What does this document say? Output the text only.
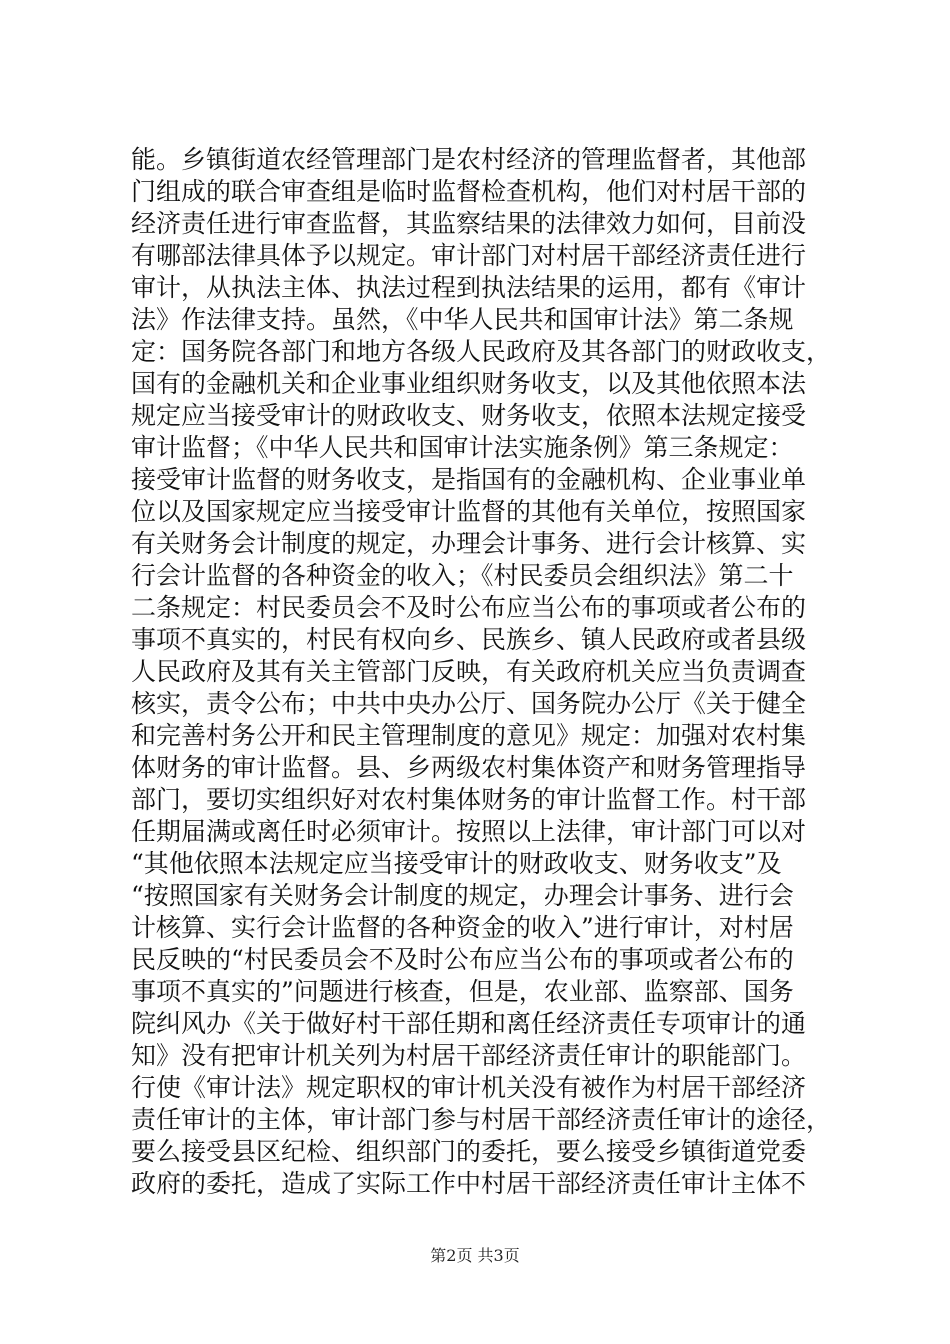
能。乡镇街道农经管理部门是农村经济的管理监督者，其他部
门组成的联合审查组是临时监督检查机构，他们对村居干部的
经济责任进行审查监督，其监察结果的法律效力如何，目前没
有哪部法律具体予以规定。审计部门对村居干部经济责任进行
审计，从执法主体、执法过程到执法结果的运用，都有《审计
法》作法律支持。虽然，《中华人民共和国审计法》第二条规
定：国务院各部门和地方各级人民政府及其各部门的财政收支，
国有的金融机关和企业事业组织财务收支，以及其他依照本法
规定应当接受审计的财政收支、财务收支，依照本法规定接受
审计监督；《中华人民共和国审计法实施条例》第三条规定：
接受审计监督的财务收支，是指国有的金融机构、企业事业单
位以及国家规定应当接受审计监督的其他有关单位，按照国家
有关财务会计制度的规定，办理会计事务、进行会计核算、实
行会计监督的各种资金的收入；《村民委员会组织法》第二十
二条规定：村民委员会不及时公布应当公布的事项或者公布的
事项不真实的，村民有权向乡、民族乡、镇人民政府或者县级
人民政府及其有关主管部门反映，有关政府机关应当负责调查
核实，责令公布；中共中央办公厅、国务院办公厅《关于健全
和完善村务公开和民主管理制度的意见》规定：加强对农村集
体财务的审计监督。县、乡两级农村集体资产和财务管理指导
部门，要切实组织好对农村集体财务的审计监督工作。村干部
任期届满或离任时必须审计。按照以上法律，审计部门可以对
“其他依照本法规定应当接受审计的财政收支、财务收支”及
“按照国家有关财务会计制度的规定，办理会计事务、进行会
计核算、实行会计监督的各种资金的收入”进行审计，对村居
民反映的“村民委员会不及时公布应当公布的事项或者公布的
事项不真实的”问题进行核查，但是，农业部、监察部、国务
院纠风办《关于做好村干部任期和离任经济责任专项审计的通
知》没有把审计机关列为村居干部经济责任审计的职能部门。
行使《审计法》规定职权的审计机关没有被作为村居干部经济
责任审计的主体，审计部门参与村居干部经济责任审计的途径，
要么接受县区纪检、组织部门的委托，要么接受乡镇街道党委
政府的委托，造成了实际工作中村居干部经济责任审计主体不
第2页 共3页
